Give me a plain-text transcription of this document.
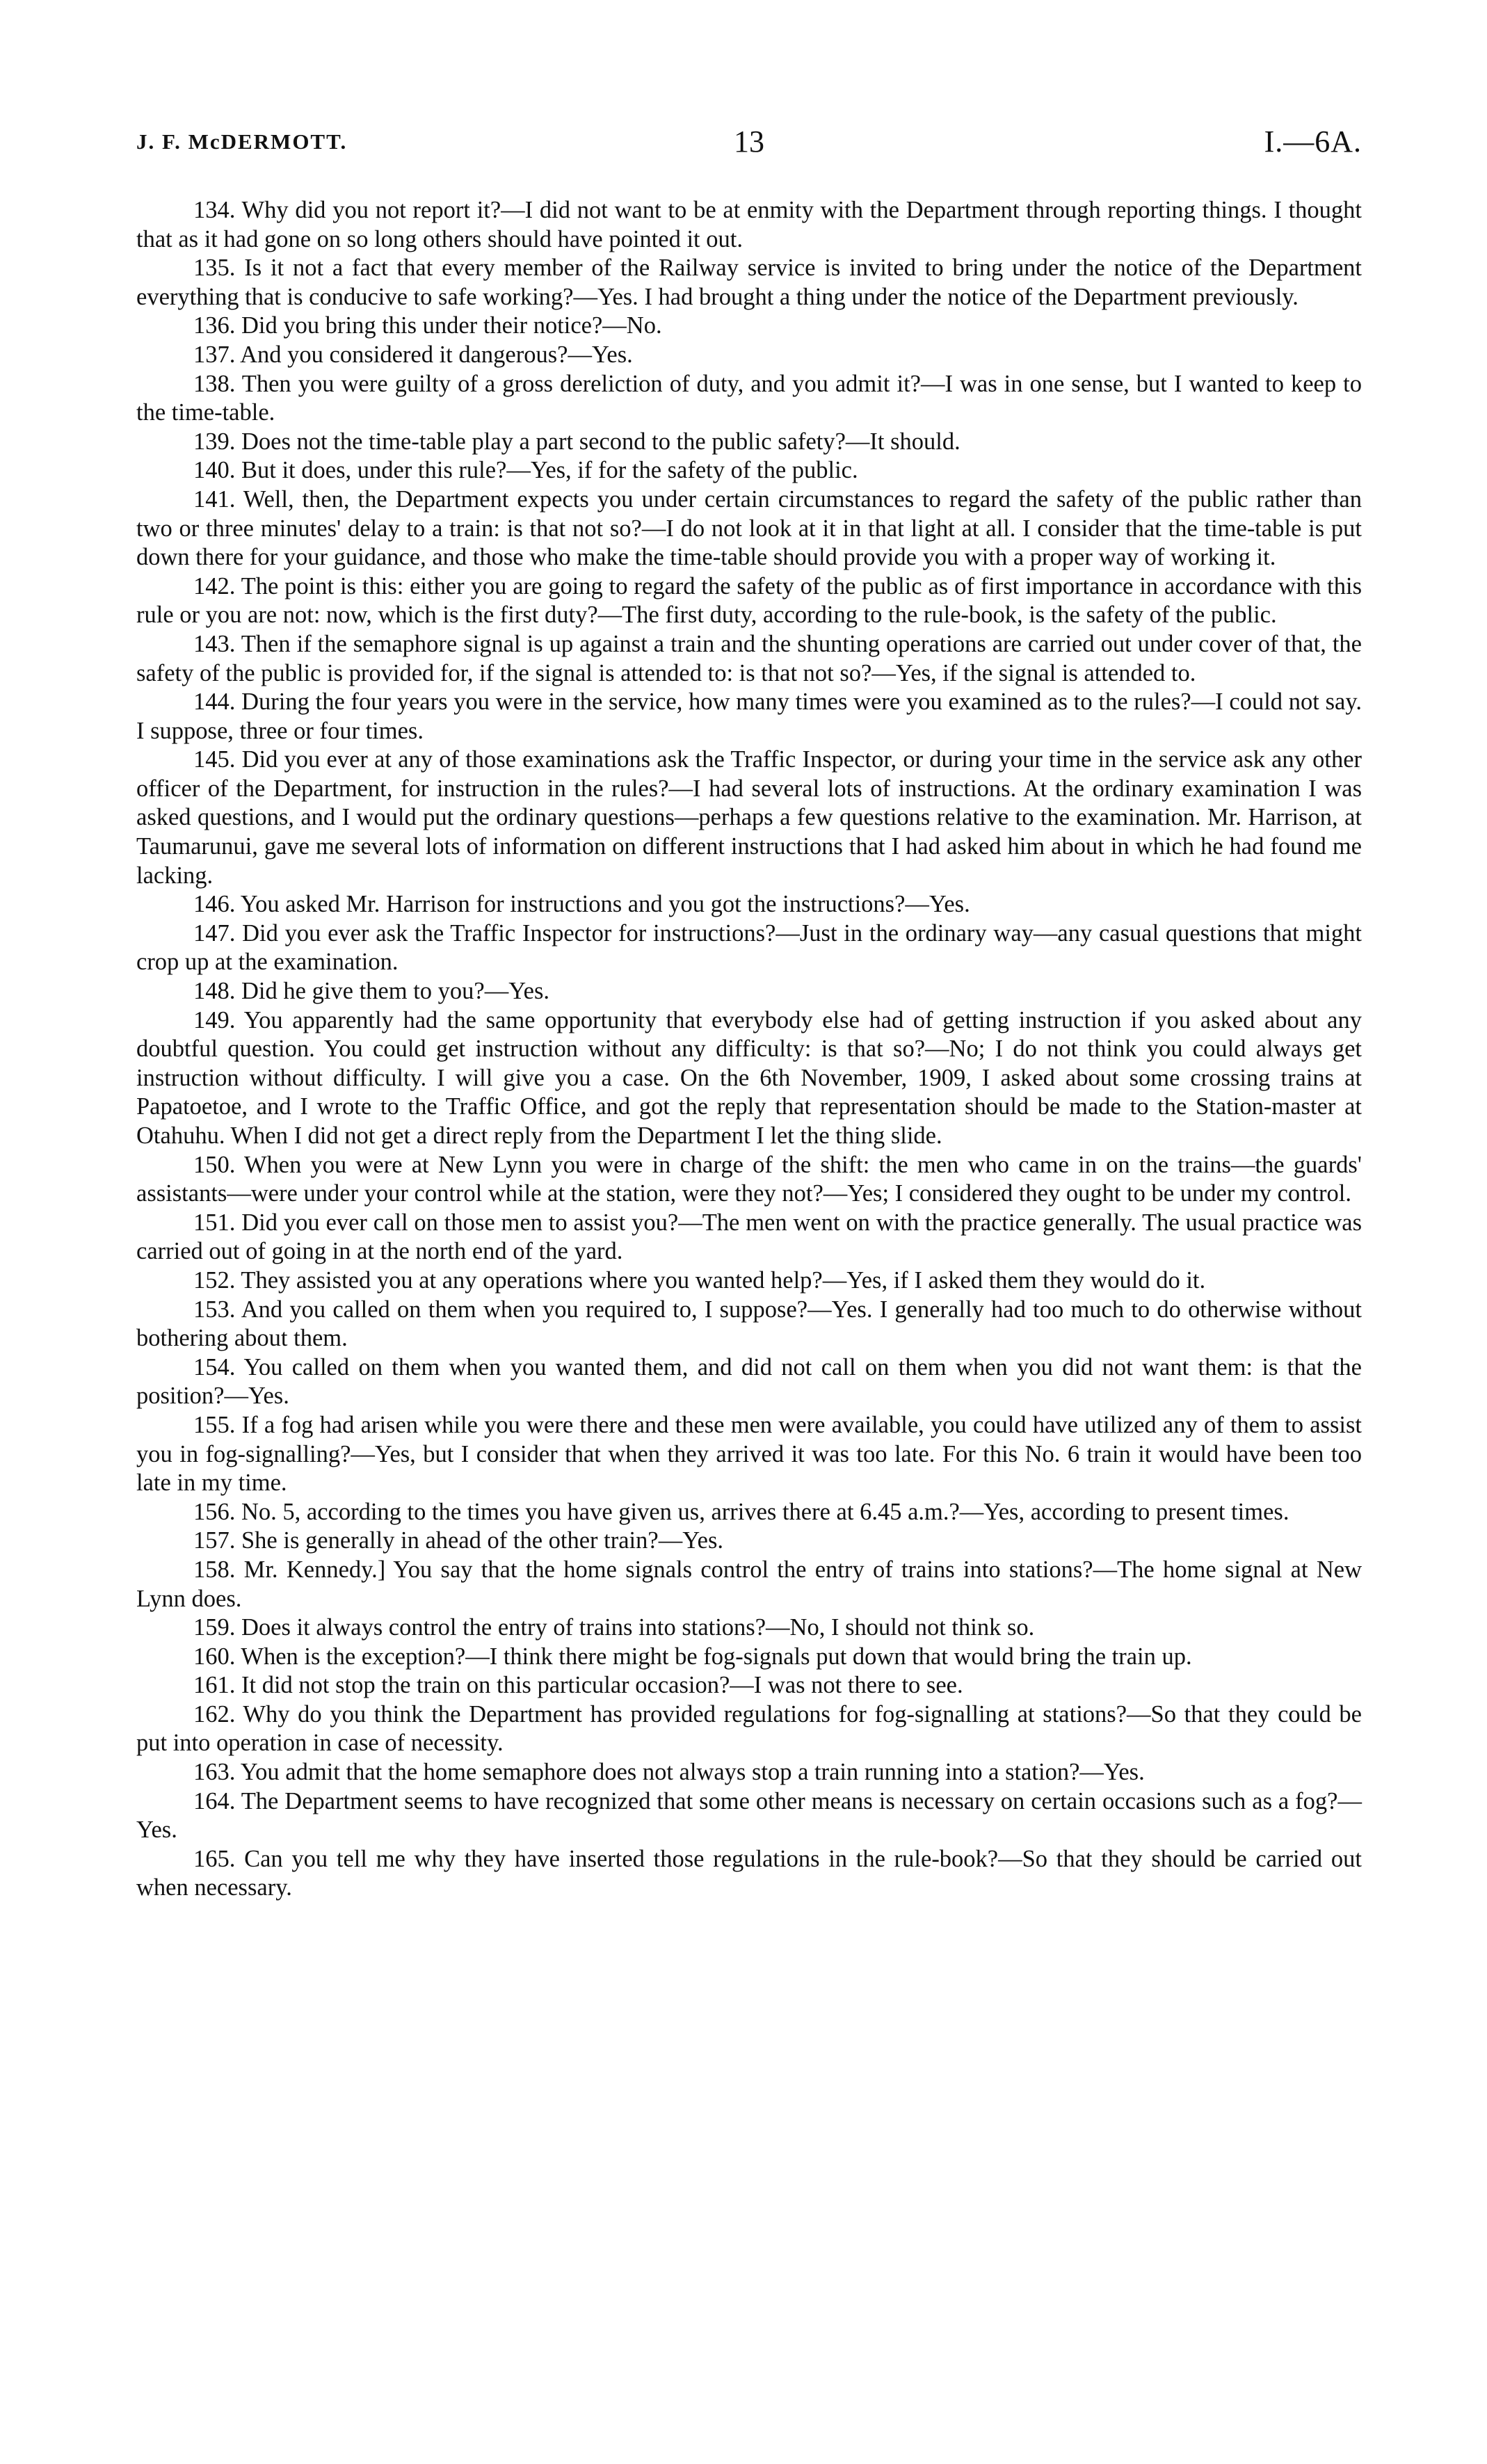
J. F. McDERMOTT.	13	I.—6A.

134. Why did you not report it?—I did not want to be at enmity with the Department through reporting things. I thought that as it had gone on so long others should have pointed it out.

135. Is it not a fact that every member of the Railway service is invited to bring under the notice of the Department everything that is conducive to safe working?—Yes. I had brought a thing under the notice of the Department previously.

136. Did you bring this under their notice?—No.

137. And you considered it dangerous?—Yes.

138. Then you were guilty of a gross dereliction of duty, and you admit it?—I was in one sense, but I wanted to keep to the time-table.

139. Does not the time-table play a part second to the public safety?—It should.

140. But it does, under this rule?—Yes, if for the safety of the public.

141. Well, then, the Department expects you under certain circumstances to regard the safety of the public rather than two or three minutes' delay to a train: is that not so?—I do not look at it in that light at all. I consider that the time-table is put down there for your guidance, and those who make the time-table should provide you with a proper way of working it.

142. The point is this: either you are going to regard the safety of the public as of first importance in accordance with this rule or you are not: now, which is the first duty?—The first duty, according to the rule-book, is the safety of the public.

143. Then if the semaphore signal is up against a train and the shunting operations are carried out under cover of that, the safety of the public is provided for, if the signal is attended to: is that not so?—Yes, if the signal is attended to.

144. During the four years you were in the service, how many times were you examined as to the rules?—I could not say. I suppose, three or four times.

145. Did you ever at any of those examinations ask the Traffic Inspector, or during your time in the service ask any other officer of the Department, for instruction in the rules?—I had several lots of instructions. At the ordinary examination I was asked questions, and I would put the ordinary questions—perhaps a few questions relative to the examination. Mr. Harrison, at Taumarunui, gave me several lots of information on different instructions that I had asked him about in which he had found me lacking.

146. You asked Mr. Harrison for instructions and you got the instructions?—Yes.

147. Did you ever ask the Traffic Inspector for instructions?—Just in the ordinary way—any casual questions that might crop up at the examination.

148. Did he give them to you?—Yes.

149. You apparently had the same opportunity that everybody else had of getting instruction if you asked about any doubtful question. You could get instruction without any difficulty: is that so?—No; I do not think you could always get instruction without difficulty. I will give you a case. On the 6th November, 1909, I asked about some crossing trains at Papatoetoe, and I wrote to the Traffic Office, and got the reply that representation should be made to the Station-master at Otahuhu. When I did not get a direct reply from the Department I let the thing slide.

150. When you were at New Lynn you were in charge of the shift: the men who came in on the trains—the guards' assistants—were under your control while at the station, were they not?—Yes; I considered they ought to be under my control.

151. Did you ever call on those men to assist you?—The men went on with the practice generally. The usual practice was carried out of going in at the north end of the yard.

152. They assisted you at any operations where you wanted help?—Yes, if I asked them they would do it.

153. And you called on them when you required to, I suppose?—Yes. I generally had too much to do otherwise without bothering about them.

154. You called on them when you wanted them, and did not call on them when you did not want them: is that the position?—Yes.

155. If a fog had arisen while you were there and these men were available, you could have utilized any of them to assist you in fog-signalling?—Yes, but I consider that when they arrived it was too late. For this No. 6 train it would have been too late in my time.

156. No. 5, according to the times you have given us, arrives there at 6.45 a.m.?—Yes, according to present times.

157. She is generally in ahead of the other train?—Yes.

158. Mr. Kennedy.] You say that the home signals control the entry of trains into stations?—The home signal at New Lynn does.

159. Does it always control the entry of trains into stations?—No, I should not think so.

160. When is the exception?—I think there might be fog-signals put down that would bring the train up.

161. It did not stop the train on this particular occasion?—I was not there to see.

162. Why do you think the Department has provided regulations for fog-signalling at stations?—So that they could be put into operation in case of necessity.

163. You admit that the home semaphore does not always stop a train running into a station?—Yes.

164. The Department seems to have recognized that some other means is necessary on certain occasions such as a fog?—Yes.

165. Can you tell me why they have inserted those regulations in the rule-book?—So that they should be carried out when necessary.
